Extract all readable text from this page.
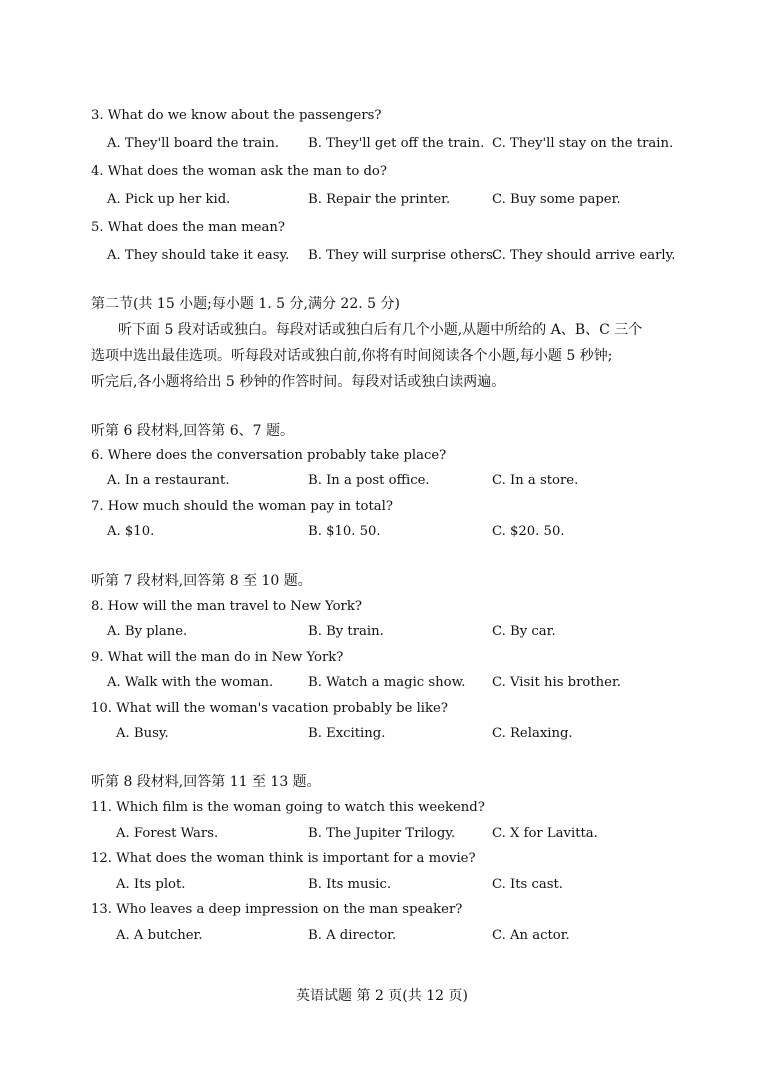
3. What do we know about the passengers?
A. They'll board the train. B. They'll get off the train. C. They'll stay on the train.
4. What does the woman ask the man to do?
A. Pick up her kid.	B. Repair the printer.	C. Buy some paper.
5. What does the man mean?
A. They should take it easy. B. They will surprise others.
C. They should arrive early.
第二节(共 15 小题;每小题 1. 5 分,满分 22. 5 分)
听下面 5 段对话或独白。每段对话或独白后有几个小题,从题中所给的 A、B、C 三个
选项中选出最佳选项。听每段对话或独白前,你将有时间阅读各个小题,每小题 5 秒钟;
听完后,各小题将给出 5 秒钟的作答时间。每段对话或独白读两遍。
听第 6 段材料,回答第 6、7 题。
6. Where does the conversation probably take place?
A. In a restaurant.	B. In a post office.	C. In a store.
7. How much should the woman pay in total?
A. $10.	B. $10. 50.	C. $20. 50.
听第 7 段材料,回答第 8 至 10 题。
8. How will the man travel to New York?
A. By plane.	B. By train.	C. By car.
9. What will the man do in New York?
A. Walk with the woman.	B. Watch a magic show. C. Visit his brother.
10. What will the woman's vacation probably be like?
A. Busy.	B. Exciting.	C. Relaxing.
听第 8 段材料,回答第 11 至 13 题。
11. Which film is the woman going to watch this weekend?
A. Forest Wars.	B. The Jupiter Trilogy.	C. X for Lavitta.
12. What does the woman think is important for a movie?
A. Its plot.	B. Its music.	C. Its cast.
13. Who leaves a deep impression on the man speaker?
A. A butcher.	B. A director.	C. An actor.
英语试题 第 2 页(共 12 页)
